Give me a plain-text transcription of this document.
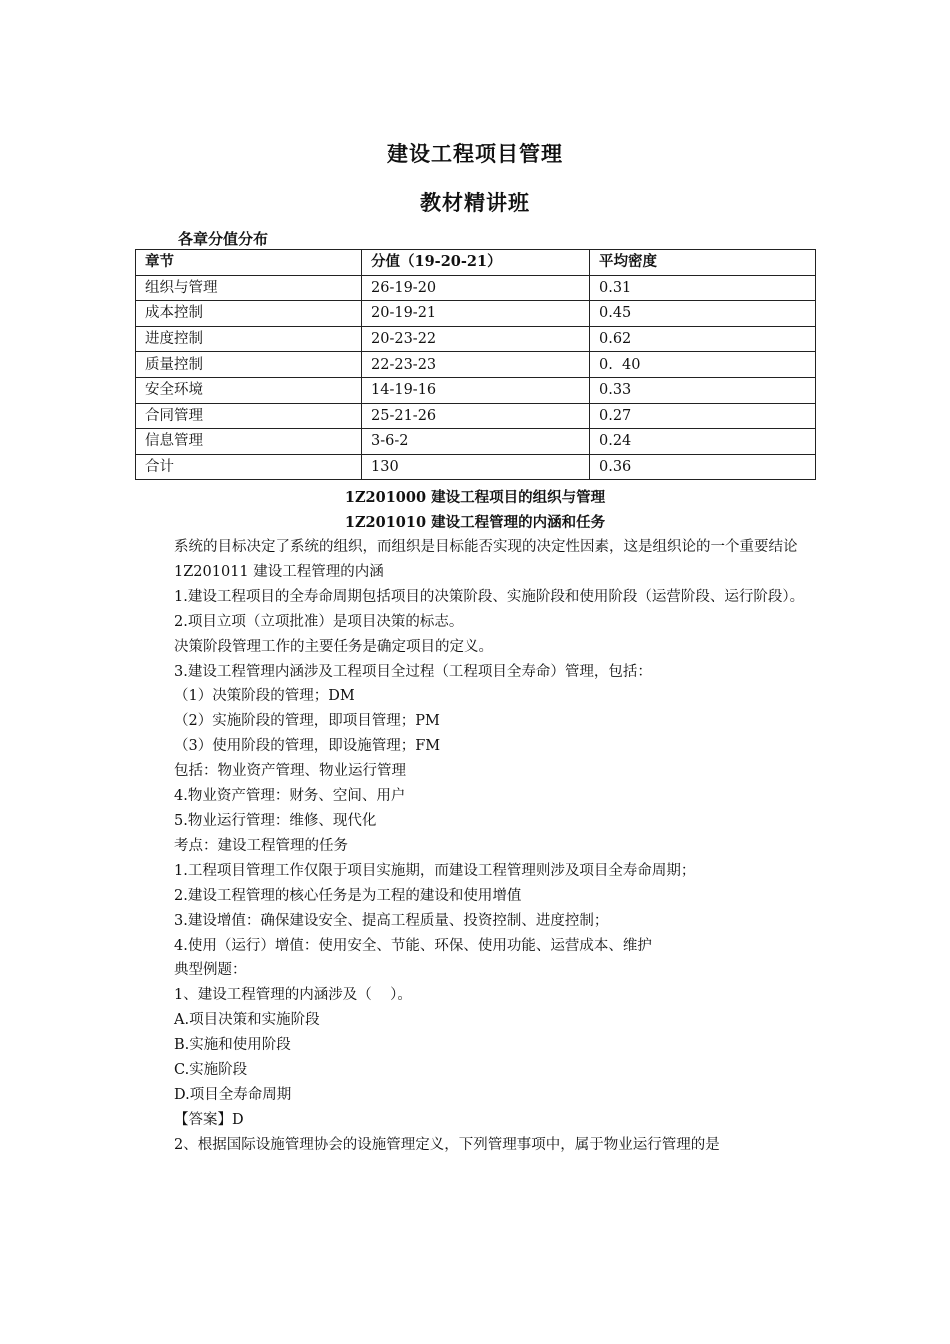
建设工程项目管理
教材精讲班
各章分值分布
章节	分值（19-20-21）	平均密度
组织与管理	26-19-20	0.31
成本控制	20-19-21	0.45
进度控制	20-23-22	0.62
质量控制	22-23-23	0.  40
安全环境	14-19-16	0.33
合同管理	25-21-26	0.27
信息管理	3-6-2	0.24
合计	130	0.36
1Z201000 建设工程项目的组织与管理
1Z201010 建设工程管理的内涵和任务

系统的目标决定了系统的组织，而组织是目标能否实现的决定性因素，这是组织论的一个重要结论

1Z201011 建设工程管理的内涵

1.建设工程项目的全寿命周期包括项目的决策阶段、实施阶段和使用阶段（运营阶段、运行阶段）。

2.项目立项（立项批准）是项目决策的标志。

决策阶段管理工作的主要任务是确定项目的定义。

3.建设工程管理内涵涉及工程项目全过程（工程项目全寿命）管理，包括：

（1）决策阶段的管理；DM

（2）实施阶段的管理，即项目管理；PM

（3）使用阶段的管理，即设施管理；FM

包括：物业资产管理、物业运行管理

4.物业资产管理：财务、空间、用户

5.物业运行管理：维修、现代化

考点：建设工程管理的任务

1.工程项目管理工作仅限于项目实施期，而建设工程管理则涉及项目全寿命周期；

2.建设工程管理的核心任务是为工程的建设和使用增值

3.建设增值：确保建设安全、提高工程质量、投资控制、进度控制；

4.使用（运行）增值：使用安全、节能、环保、使用功能、运营成本、维护

典型例题：

1、建设工程管理的内涵涉及（    ）。

A.项目决策和实施阶段

B.实施和使用阶段

C.实施阶段

D.项目全寿命周期

【答案】D

2、根据国际设施管理协会的设施管理定义，下列管理事项中，属于物业运行管理的是
